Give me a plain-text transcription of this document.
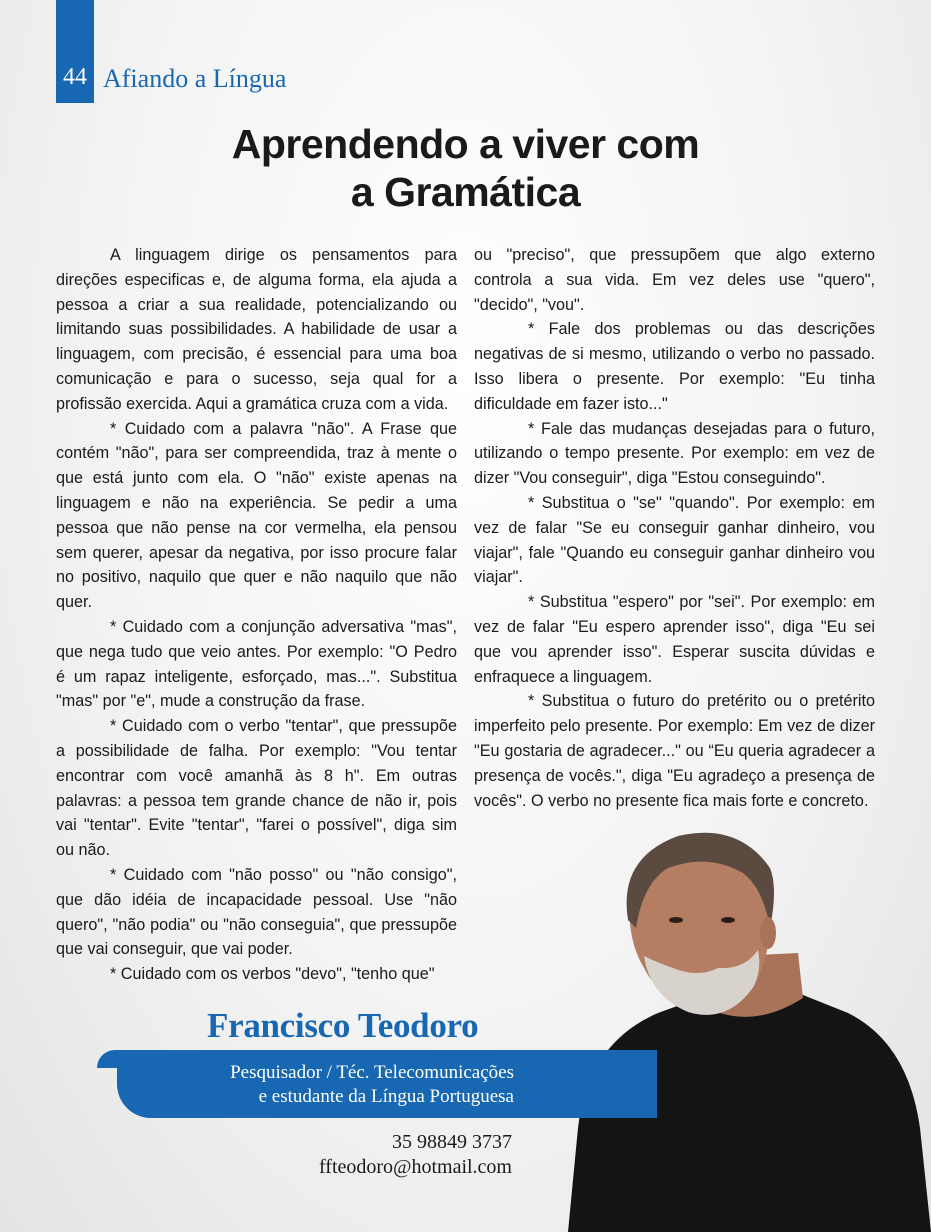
44 Afiando a Língua
Aprendendo a viver com
a Gramática

A linguagem dirige os pensamentos para direções especificas e, de alguma forma, ela ajuda a pessoa a criar a sua realidade, potencializando ou limitando suas possibilidades. A habilidade de usar a linguagem, com precisão, é essencial para uma boa comunicação e para o sucesso, seja qual for a profissão exercida. Aqui a gramática cruza com a vida.

* Cuidado com a palavra "não". A Frase que contém "não", para ser compreendida, traz à mente o que está junto com ela. O "não" existe apenas na linguagem e não na experiência. Se pedir a uma pessoa que não pense na cor vermelha, ela pensou sem querer, apesar da negativa, por isso procure falar no positivo, naquilo que quer e não naquilo que não quer.

* Cuidado com a conjunção adversativa "mas", que nega tudo que veio antes. Por exemplo: "O Pedro é um rapaz inteligente, esforçado, mas...". Substitua "mas" por "e", mude a construção da frase.

* Cuidado com o verbo "tentar", que pressupõe a possibilidade de falha. Por exemplo: "Vou tentar encontrar com você amanhã às 8 h". Em outras palavras: a pessoa tem grande chance de não ir, pois vai "tentar". Evite "tentar", "farei o possível", diga sim ou não.

* Cuidado com "não posso" ou "não consigo", que dão idéia de incapacidade pessoal. Use "não quero", "não podia" ou "não conseguia", que pressupõe que vai conseguir, que vai poder.

* Cuidado com os verbos "devo", "tenho que"

ou "preciso", que pressupõem que algo externo controla a sua vida. Em vez deles use "quero", "decido", "vou".

* Fale dos problemas ou das descrições negativas de si mesmo, utilizando o verbo no passado. Isso libera o presente. Por exemplo: "Eu tinha dificuldade em fazer isto..."

* Fale das mudanças desejadas para o futuro, utilizando o tempo presente. Por exemplo: em vez de dizer "Vou conseguir", diga "Estou conseguindo".

* Substitua o "se" "quando". Por exemplo: em vez de falar "Se eu conseguir ganhar dinheiro, vou viajar", fale "Quando eu conseguir ganhar dinheiro vou viajar".

* Substitua "espero" por "sei". Por exemplo: em vez de falar "Eu espero aprender isso", diga "Eu sei que vou aprender isso". Esperar suscita dúvidas e enfraquece a linguagem.

* Substitua o futuro do pretérito ou o pretérito imperfeito pelo presente. Por exemplo: Em vez de dizer "Eu gostaria de agradecer..." ou “Eu queria agradecer a presença de vocês.", diga "Eu agradeço a presença de vocês". O verbo no presente fica mais forte e concreto.

Francisco Teodoro
Pesquisador / Téc. Telecomunicações
e estudante da Língua Portuguesa
35 98849 3737
ffteodoro@hotmail.com
